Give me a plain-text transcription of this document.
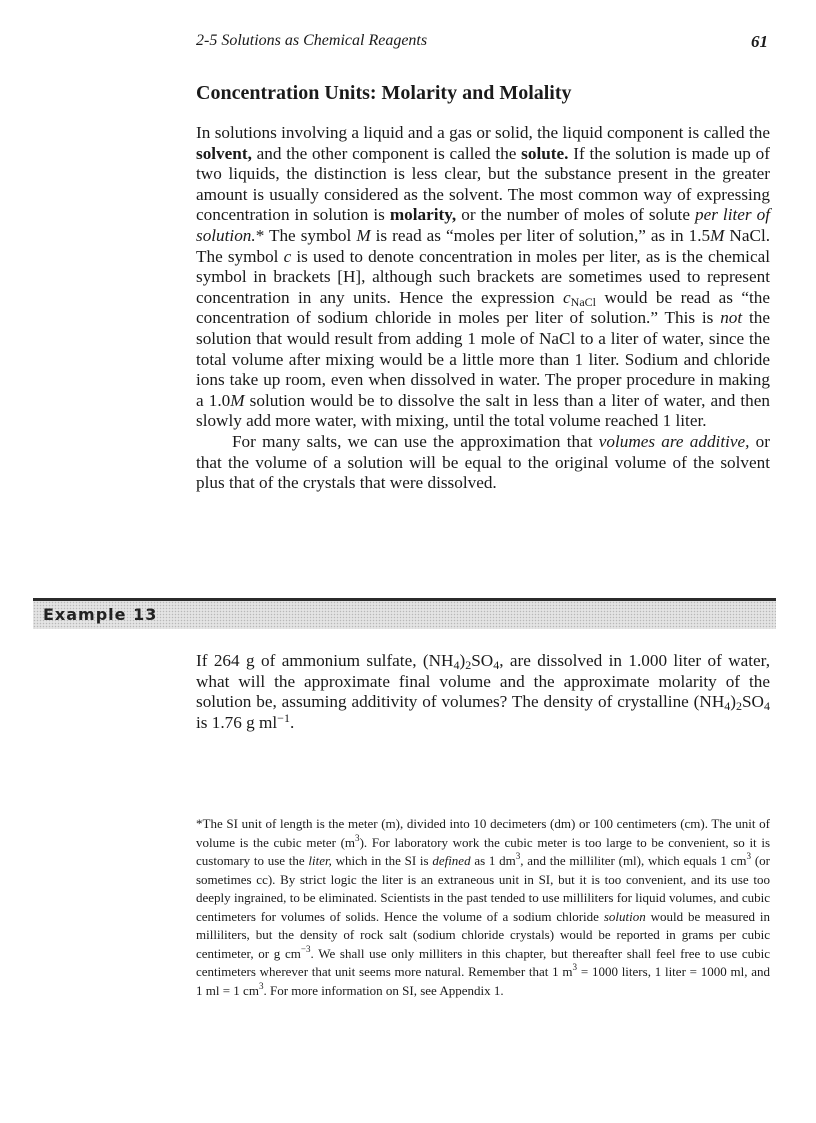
2-5 Solutions as Chemical Reagents	61
Concentration Units: Molarity and Molality

In solutions involving a liquid and a gas or solid, the liquid component is called the solvent, and the other component is called the solute. If the solution is made up of two liquids, the distinction is less clear, but the substance present in the greater amount is usually considered as the solvent. The most common way of expressing concentration in solution is molarity, or the number of moles of solute per liter of solution.* The symbol M is read as “moles per liter of solution,” as in 1.5M NaCl. The symbol c is used to denote concentration in moles per liter, as is the chemical symbol in brackets [H], although such brackets are sometimes used to represent concentration in any units. Hence the expression $c_{NaCl}$ would be read as “the concentration of sodium chloride in moles per liter of solution.” This is not the solution that would result from adding 1 mole of NaCl to a liter of water, since the total volume after mixing would be a little more than 1 liter. Sodium and chloride ions take up room, even when dissolved in water. The proper procedure in making a 1.0M solution would be to dissolve the salt in less than a liter of water, and then slowly add more water, with mixing, until the total volume reached 1 liter.

For many salts, we can use the approximation that volumes are additive, or that the volume of a solution will be equal to the original volume of the solvent plus that of the crystals that were dissolved.

Example 13

If 264 g of ammonium sulfate, $(NH_4)_2SO_4$, are dissolved in 1.000 liter of water, what will the approximate final volume and the approximate molarity of the solution be, assuming additivity of volumes? The density of crystalline $(NH_4)_2SO_4$ is 1.76 g $ml^{-1}$.

*The SI unit of length is the meter (m), divided into 10 decimeters (dm) or 100 centimeters (cm). The unit of volume is the cubic meter $(m^3)$. For laboratory work the cubic meter is too large to be convenient, so it is customary to use the liter, which in the SI is defined as 1 $dm^3$, and the milliliter (ml), which equals 1 $cm^3$ (or sometimes cc). By strict logic the liter is an extraneous unit in SI, but it is too convenient, and its use too deeply ingrained, to be eliminated. Scientists in the past tended to use milliliters for liquid volumes, and cubic centimeters for volumes of solids. Hence the volume of a sodium chloride solution would be measured in milliliters, but the density of rock salt (sodium chloride crystals) would be reported in grams per cubic centimeter, or g $cm^{-3}$. We shall use only milliters in this chapter, but thereafter shall feel free to use cubic centimeters wherever that unit seems more natural. Remember that 1 $m^3 = 1000$ liters, 1 liter = 1000 ml, and 1 ml = 1 $cm^3$. For more information on SI, see Appendix 1.
